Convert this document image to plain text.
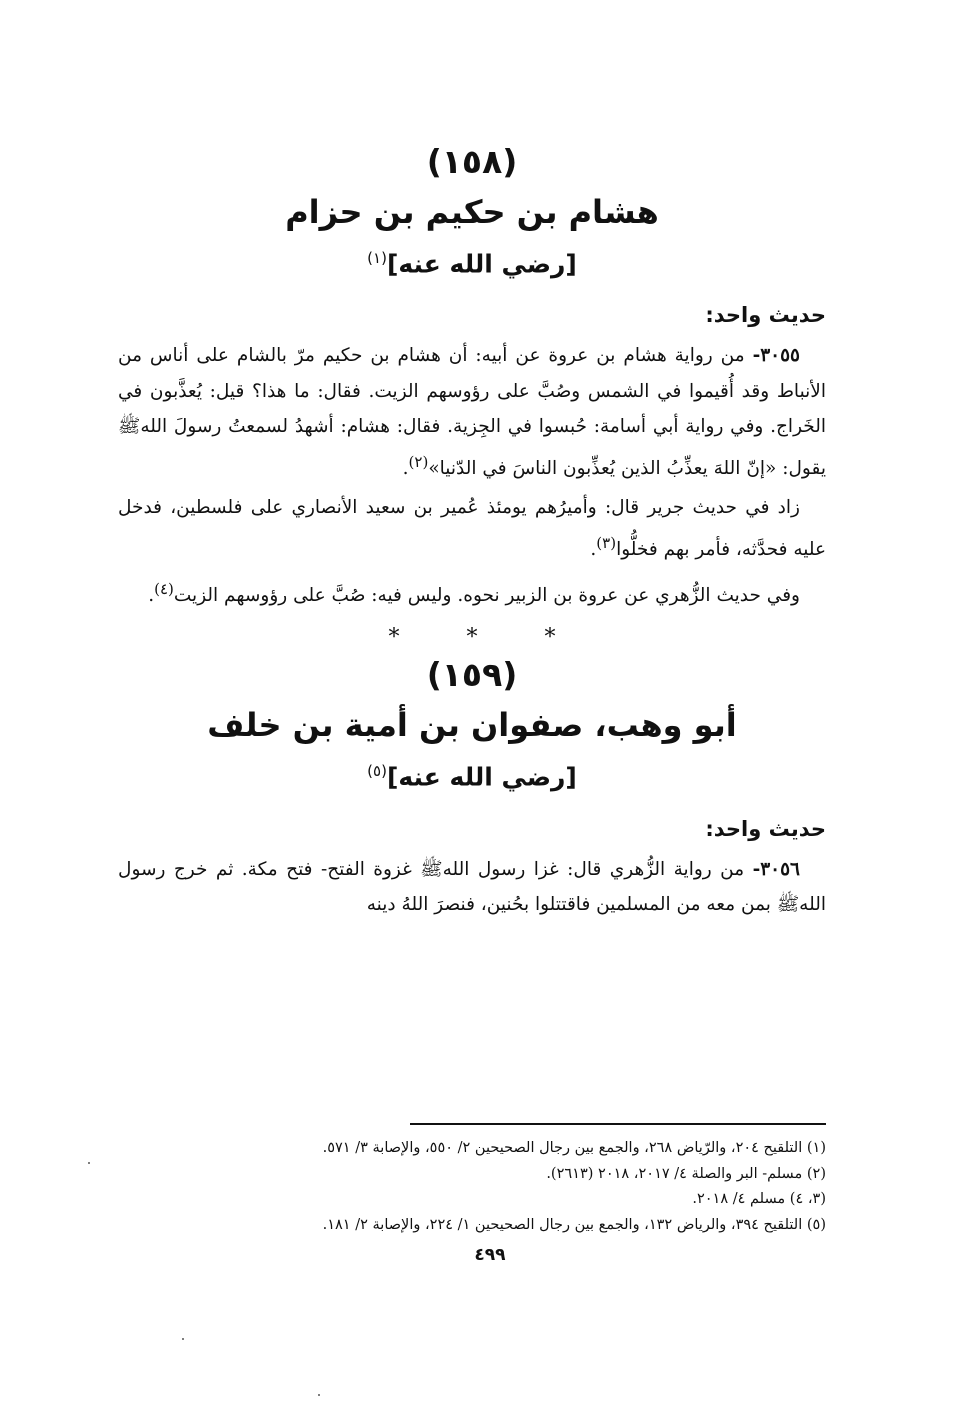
(١٥٨)

هشام بن حكيم بن حزام

[رضي الله عنه]$^{(١)}$

حديث واحد:

٣٠٥٥- من رواية هشام بن عروة عن أبيه: أن هشام بن حكيم مرّ بالشام على أناس من الأنباط وقد أُقيموا في الشمس وصُبَّ على رؤوسهم الزيت. فقال: ما هذا؟ قيل: يُعذَّبون في الخَراج. وفي رواية أبي أسامة: حُبسوا في الجِزية. فقال: هشام: أشهدُ لسمعتُ رسولَ اللهﷺ يقول: «إنّ اللهَ يعذِّبُ الذين يُعذِّبون الناسَ في الدّنيا»$^{(٢)}$.

زاد في حديث جرير قال: وأميرُهم يومئذ عُمير بن سعيد الأنصاري على فلسطين، فدخل عليه فحدَّثه، فأمر بهم فخلُّوا$^{(٣)}$.

وفي حديث الزُّهري عن عروة بن الزبير نحوه. وليس فيه: صُبَّ على رؤوسهم الزيت$^{(٤)}$.

* * *

(١٥٩)

أبو وهب، صفوان بن أمية بن خلف

[رضي الله عنه]$^{(٥)}$

حديث واحد:

٣٠٥٦- من رواية الزُّهري قال: غزا رسول اللهﷺ غزوة الفتح- فتح مكة. ثم خرج رسول اللهﷺ بمن معه من المسلمين فاقتتلوا بحُنين، فنصرَ اللهُ دينه

(١) التلقيح ٢٠٤، والرّياض ٢٦٨، والجمع بين رجال الصحيحين ٢/ ٥٥٠، والإصابة ٣/ ٥٧١.

(٢) مسلم- البر والصلة ٤/ ٢٠١٧، ٢٠١٨ (٢٦١٣).

(٣، ٤) مسلم ٤/ ٢٠١٨.

(٥) التلقيح ٣٩٤، والرياض ١٣٢، والجمع بين رجال الصحيحين ١/ ٢٢٤، والإصابة ٢/ ١٨١.

٤٩٩
